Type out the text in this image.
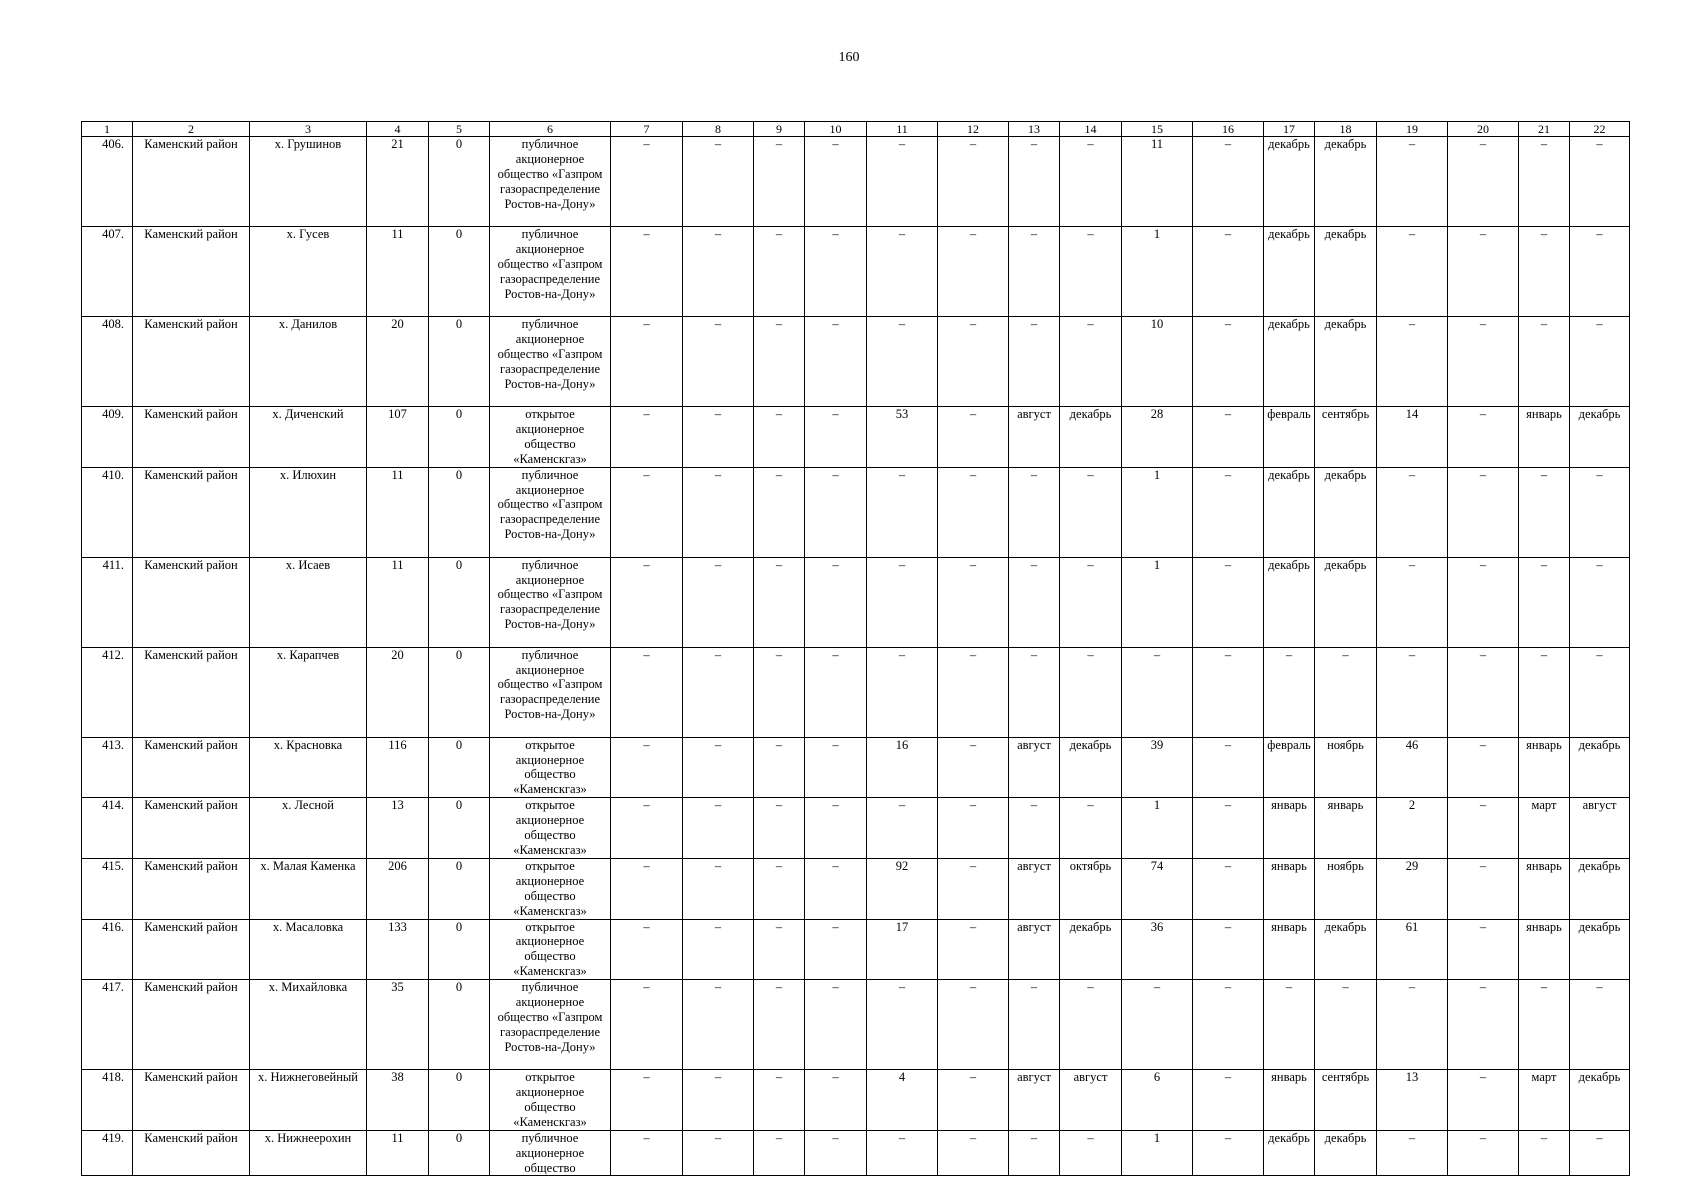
160
1	2	3	4	5	6	7	8	9	10	11	12	13	14	15	16	17	18	19	20	21	22
406.	Каменский район	х. Грушинов	21	0	публичное акционерное общество «Газпром газораспределение Ростов-на-Дону»	–	–	–	–	–	–	–	–	11	–	декабрь	декабрь	–	–	–	–
407.	Каменский район	х. Гусев	11	0	публичное акционерное общество «Газпром газораспределение Ростов-на-Дону»	–	–	–	–	–	–	–	–	1	–	декабрь	декабрь	–	–	–	–
408.	Каменский район	х. Данилов	20	0	публичное акционерное общество «Газпром газораспределение Ростов-на-Дону»	–	–	–	–	–	–	–	–	10	–	декабрь	декабрь	–	–	–	–
409.	Каменский район	х. Диченский	107	0	открытое акционерное общество «Каменскгаз»	–	–	–	–	53	–	август	декабрь	28	–	февраль	сентябрь	14	–	январь	декабрь
410.	Каменский район	х. Илюхин	11	0	публичное акционерное общество «Газпром газораспределение Ростов-на-Дону»	–	–	–	–	–	–	–	–	1	–	декабрь	декабрь	–	–	–	–
411.	Каменский район	х. Исаев	11	0	публичное акционерное общество «Газпром газораспределение Ростов-на-Дону»	–	–	–	–	–	–	–	–	1	–	декабрь	декабрь	–	–	–	–
412.	Каменский район	х. Карапчев	20	0	публичное акционерное общество «Газпром газораспределение Ростов-на-Дону»	–	–	–	–	–	–	–	–	–	–	–	–	–	–	–	–
413.	Каменский район	х. Красновка	116	0	открытое акционерное общество «Каменскгаз»	–	–	–	–	16	–	август	декабрь	39	–	февраль	ноябрь	46	–	январь	декабрь
414.	Каменский район	х. Лесной	13	0	открытое акционерное общество «Каменскгаз»	–	–	–	–	–	–	–	–	1	–	январь	январь	2	–	март	август
415.	Каменский район	х. Малая Каменка	206	0	открытое акционерное общество «Каменскгаз»	–	–	–	–	92	–	август	октябрь	74	–	январь	ноябрь	29	–	январь	декабрь
416.	Каменский район	х. Масаловка	133	0	открытое акционерное общество «Каменскгаз»	–	–	–	–	17	–	август	декабрь	36	–	январь	декабрь	61	–	январь	декабрь
417.	Каменский район	х. Михайловка	35	0	публичное акционерное общество «Газпром газораспределение Ростов-на-Дону»	–	–	–	–	–	–	–	–	–	–	–	–	–	–	–	–
418.	Каменский район	х. Нижнеговейный	38	0	открытое акционерное общество «Каменскгаз»	–	–	–	–	4	–	август	август	6	–	январь	сентябрь	13	–	март	декабрь
419.	Каменский район	х. Нижнеерохин	11	0	публичное акционерное общество	–	–	–	–	–	–	–	–	1	–	декабрь	декабрь	–	–	–	–
